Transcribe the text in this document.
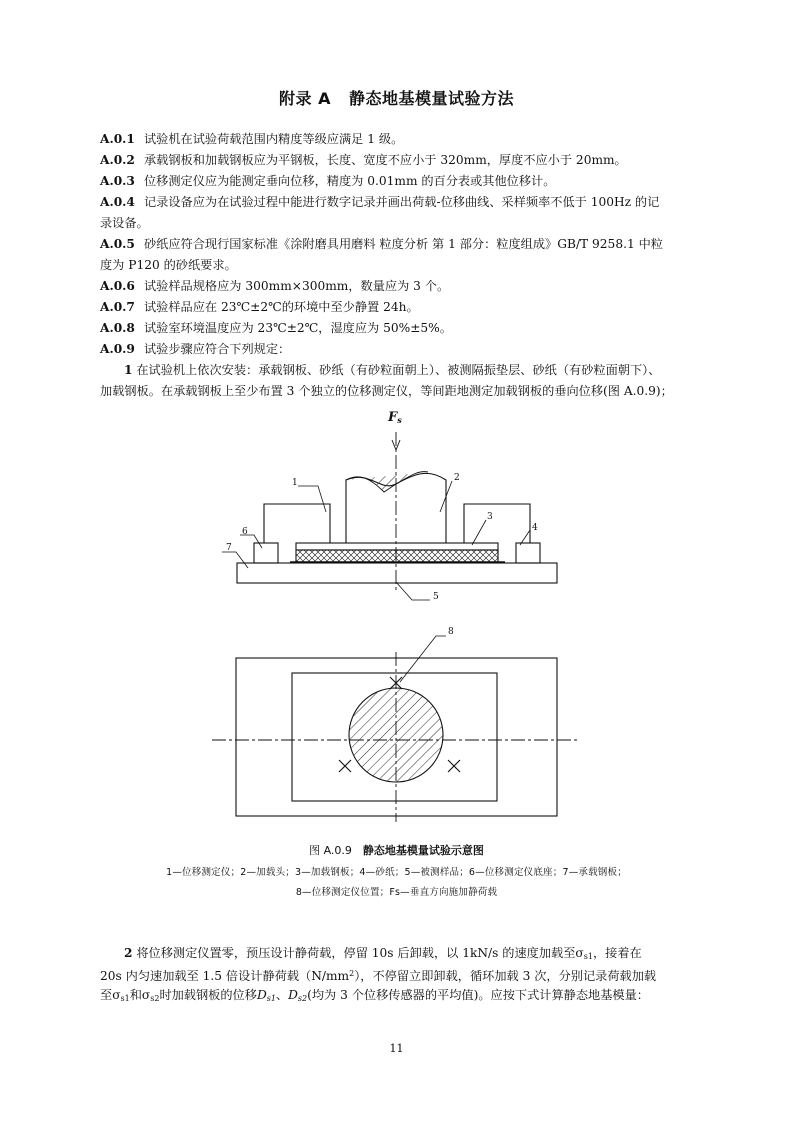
附录 A 静态地基模量试验方法
A.0.1 试验机在试验荷载范围内精度等级应满足 1 级。
A.0.2 承载钢板和加载钢板应为平钢板，长度、宽度不应小于 320mm，厚度不应小于 20mm。
A.0.3 位移测定仪应为能测定垂向位移，精度为 0.01mm 的百分表或其他位移计。
A.0.4 记录设备应为在试验过程中能进行数字记录并画出荷载-位移曲线、采样频率不低于 100Hz 的记
录设备。
A.0.5 砂纸应符合现行国家标准《涂附磨具用磨料 粒度分析 第 1 部分：粒度组成》GB/T 9258.1 中粒
度为 P120 的砂纸要求。
A.0.6 试验样品规格应为 300mm×300mm，数量应为 3 个。
A.0.7 试验样品应在 23℃±2℃的环境中至少静置 24h。
A.0.8 试验室环境温度应为 23℃±2℃，湿度应为 50%±5%。
A.0.9 试验步骤应符合下列规定：
1 在试验机上依次安装：承载钢板、砂纸（有砂粒面朝上）、被测隔振垫层、砂纸（有砂粒面朝下）、
加载钢板。在承载钢板上至少布置 3 个独立的位移测定仪，等间距地测定加载钢板的垂向位移(图 A.0.9)；
$F_s$
1	2
3
4
5
6
7
8
图 A.0.9　 静态地基模量试验示意图
1—位移测定仪；2—加载头；3—加载钢板；4—砂纸；5—被测样品；6—位移测定仪底座；7—承载钢板；
8—位移测定仪位置；Fs—垂直方向施加静荷载
2 将位移测定仪置零，预压设计静荷载，停留 10s 后卸载，以 1kN/s 的速度加载至$\sigma_{s1}$，接着在
20s 内匀速加载至 1.5 倍设计静荷载$(N/mm^2)$，不停留立即卸载，循环加载 3 次，分别记录荷载加载
至$\sigma_{s1}$和$\sigma_{s2}$时加载钢板的位移$D_{s1}$、$D_{s2}$(均为 3 个位移传感器的平均值)。应按下式计算静态地基模量：
11
